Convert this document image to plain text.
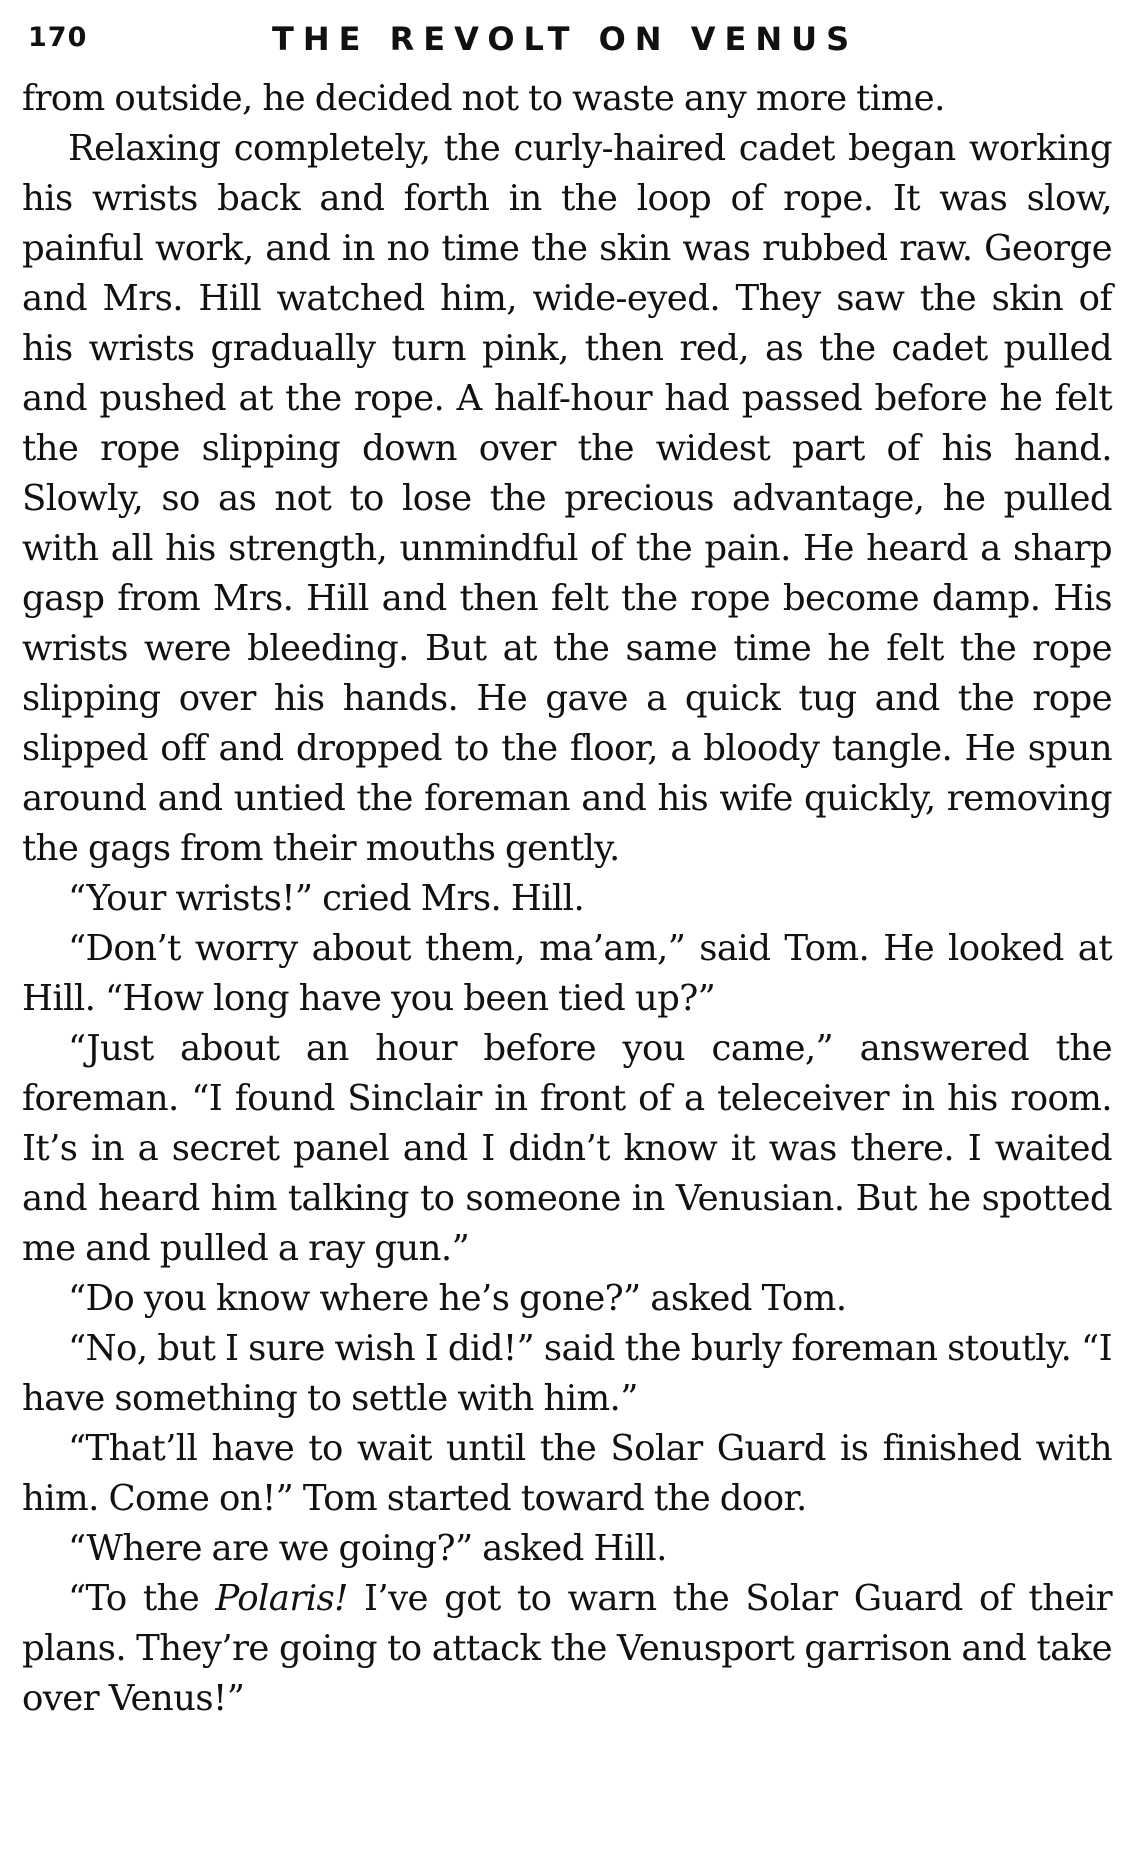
170	THE REVOLT ON VENUS

from outside, he decided not to waste any more time.

Relaxing completely, the curly-haired cadet began working his wrists back and forth in the loop of rope. It was slow, painful work, and in no time the skin was rubbed raw. George and Mrs. Hill watched him, wide-eyed. They saw the skin of his wrists gradually turn pink, then red, as the cadet pulled and pushed at the rope. A half-hour had passed before he felt the rope slipping down over the widest part of his hand. Slowly, so as not to lose the precious advantage, he pulled with all his strength, unmindful of the pain. He heard a sharp gasp from Mrs. Hill and then felt the rope become damp. His wrists were bleeding. But at the same time he felt the rope slipping over his hands. He gave a quick tug and the rope slipped off and dropped to the floor, a bloody tangle. He spun around and untied the foreman and his wife quickly, removing the gags from their mouths gently.

“Your wrists!” cried Mrs. Hill.

“Don’t worry about them, ma’am,” said Tom. He looked at Hill. “How long have you been tied up?”

“Just about an hour before you came,” answered the foreman. “I found Sinclair in front of a teleceiver in his room. It’s in a secret panel and I didn’t know it was there. I waited and heard him talking to someone in Venusian. But he spotted me and pulled a ray gun.”

“Do you know where he’s gone?” asked Tom.

“No, but I sure wish I did!” said the burly foreman stoutly. “I have something to settle with him.”

“That’ll have to wait until the Solar Guard is finished with him. Come on!” Tom started toward the door.

“Where are we going?” asked Hill.

“To the Polaris! I’ve got to warn the Solar Guard of their plans. They’re going to attack the Venusport garrison and take over Venus!”
